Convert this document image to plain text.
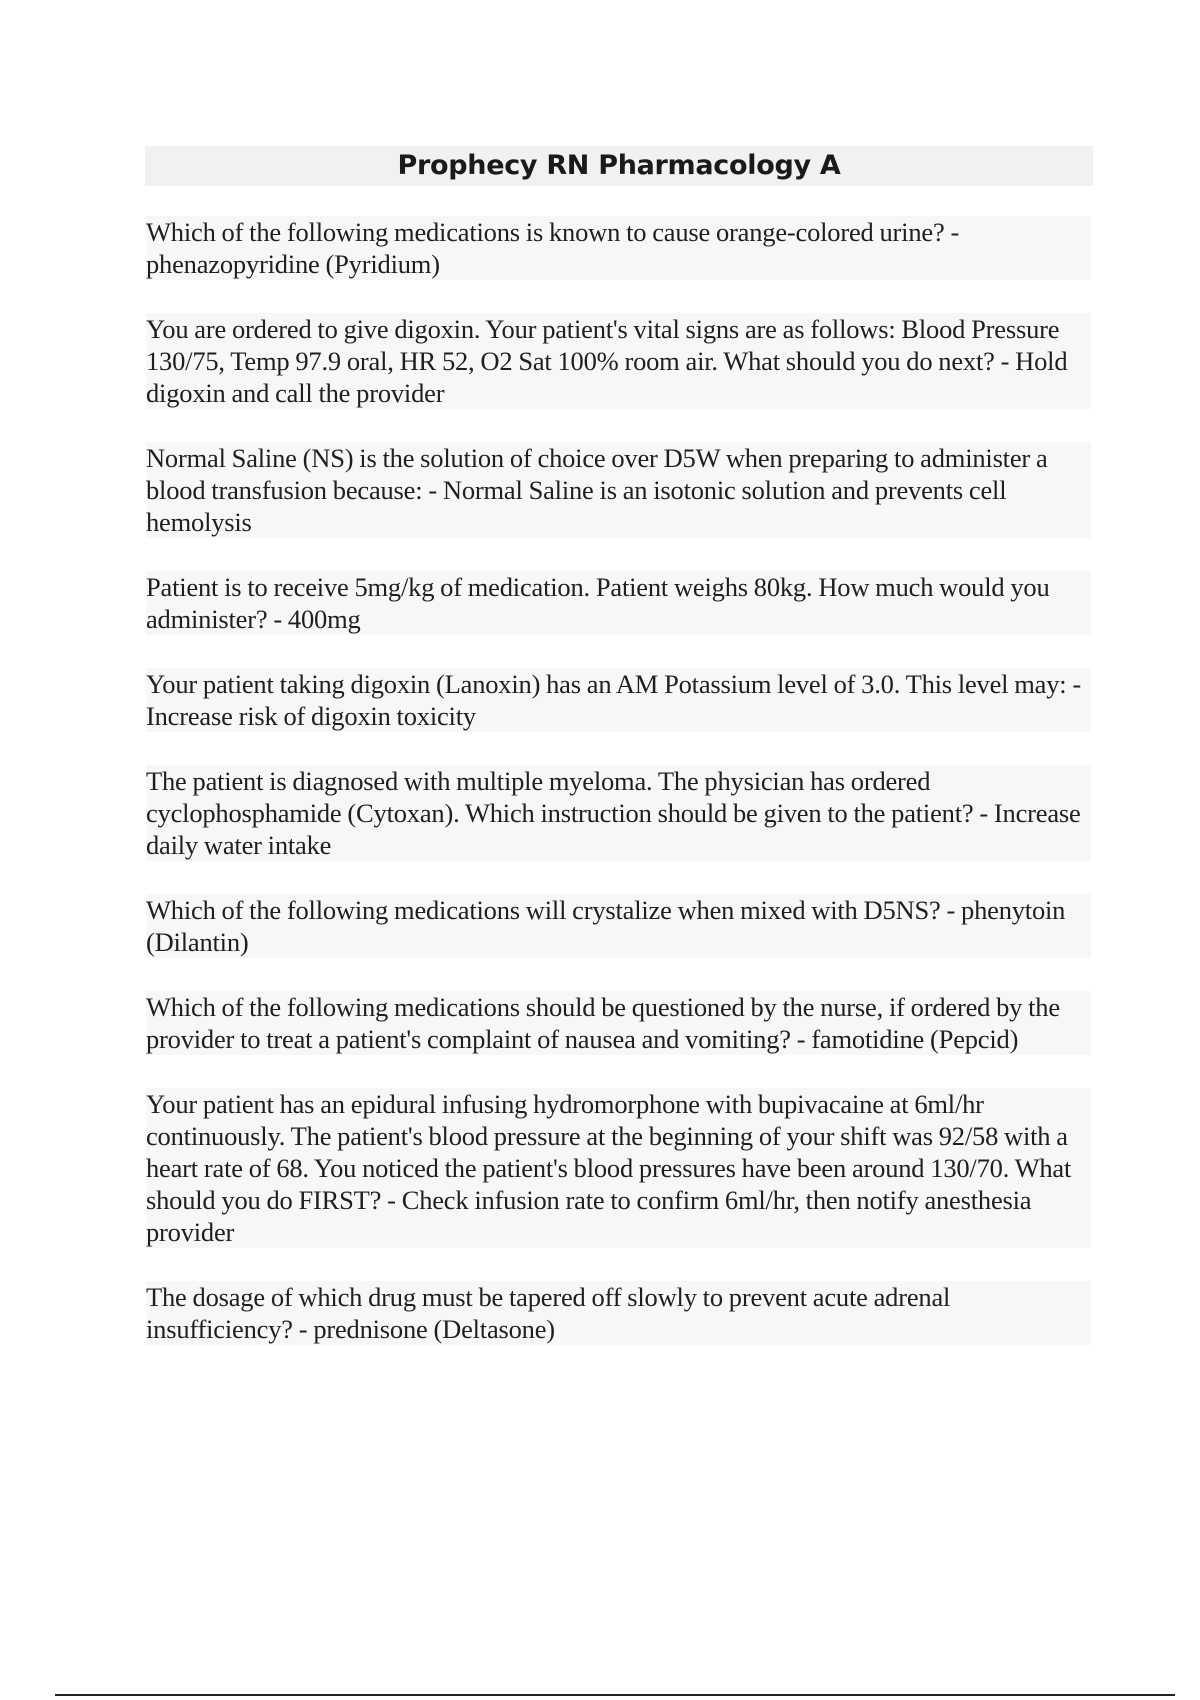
Prophecy RN Pharmacology A
Which of the following medications is known to cause orange-colored urine? - phenazopyridine (Pyridium)
You are ordered to give digoxin. Your patient's vital signs are as follows: Blood Pressure 130/75, Temp 97.9 oral, HR 52, O2 Sat 100% room air. What should you do next? - Hold digoxin and call the provider
Normal Saline (NS) is the solution of choice over D5W when preparing to administer a blood transfusion because: - Normal Saline is an isotonic solution and prevents cell hemolysis
Patient is to receive 5mg/kg of medication. Patient weighs 80kg. How much would you administer? - 400mg
Your patient taking digoxin (Lanoxin) has an AM Potassium level of 3.0. This level may: - Increase risk of digoxin toxicity
The patient is diagnosed with multiple myeloma. The physician has ordered cyclophosphamide (Cytoxan). Which instruction should be given to the patient? - Increase daily water intake
Which of the following medications will crystalize when mixed with D5NS? - phenytoin (Dilantin)
Which of the following medications should be questioned by the nurse, if ordered by the provider to treat a patient's complaint of nausea and vomiting? - famotidine (Pepcid)
Your patient has an epidural infusing hydromorphone with bupivacaine at 6ml/hr continuously. The patient's blood pressure at the beginning of your shift was 92/58 with a heart rate of 68. You noticed the patient's blood pressures have been around 130/70. What should you do FIRST? - Check infusion rate to confirm 6ml/hr, then notify anesthesia provider
The dosage of which drug must be tapered off slowly to prevent acute adrenal insufficiency? - prednisone (Deltasone)
